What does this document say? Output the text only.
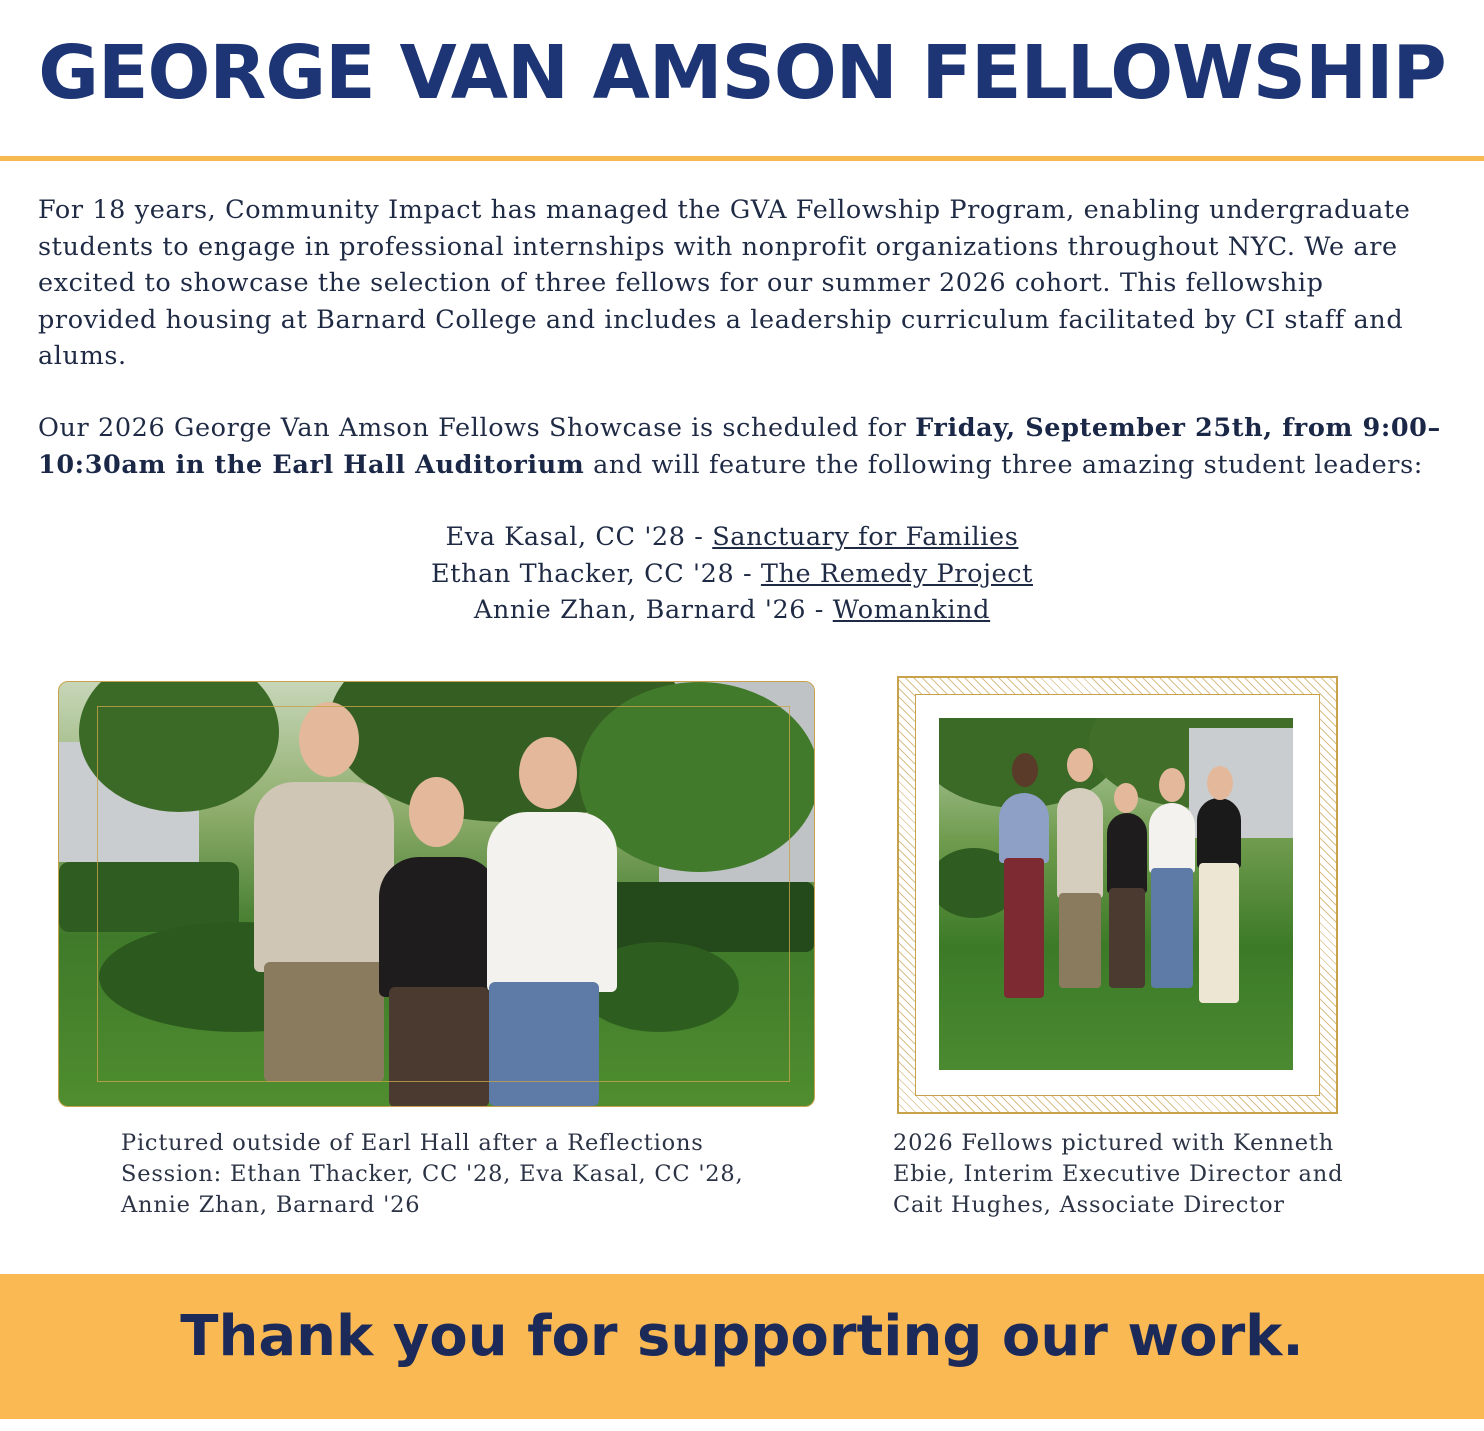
GEORGE VAN AMSON FELLOWSHIP
For 18 years, Community Impact has managed the GVA Fellowship Program, enabling undergraduate students to engage in professional internships with nonprofit organizations throughout NYC. We are excited to showcase the selection of three fellows for our summer 2026 cohort. This fellowship provided housing at Barnard College and includes a leadership curriculum facilitated by CI staff and alums.
Our 2026 George Van Amson Fellows Showcase is scheduled for Friday, September 25th, from 9:00–10:30am in the Earl Hall Auditorium and will feature the following three amazing student leaders:
Eva Kasal, CC '28 - Sanctuary for Families
Ethan Thacker, CC '28 - The Remedy Project
Annie Zhan, Barnard '26 - Womankind
Pictured outside of Earl Hall after a Reflections Session: Ethan Thacker, CC '28, Eva Kasal, CC '28, Annie Zhan, Barnard '26
2026 Fellows pictured with Kenneth Ebie, Interim Executive Director and Cait Hughes, Associate Director
Thank you for supporting our work.
